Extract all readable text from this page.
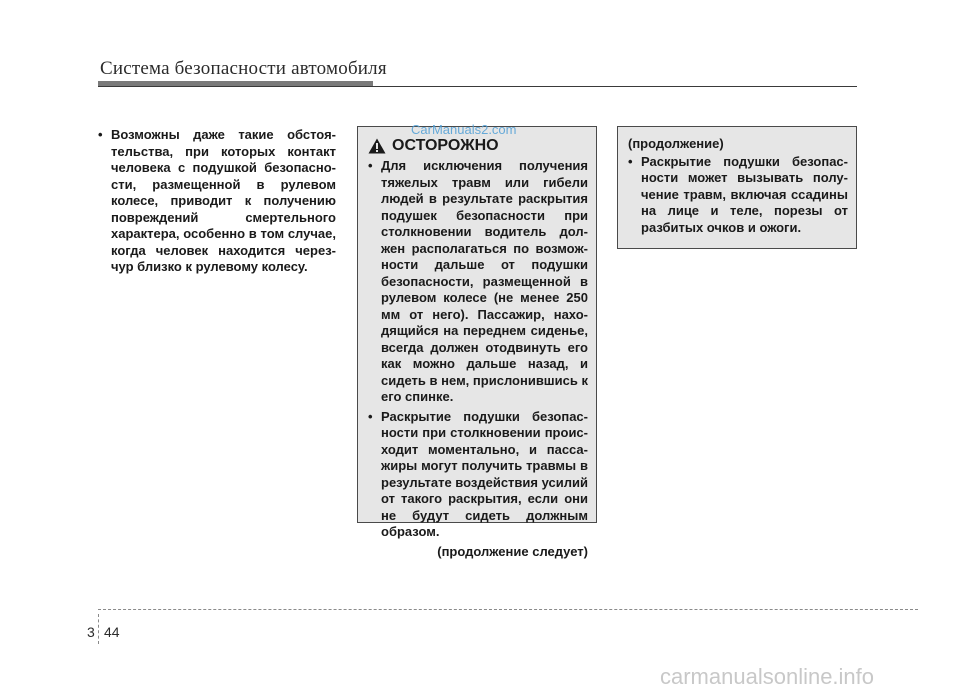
Система безопасности автомобиля
• Возможны даже такие обстоя-тельства, при которых контакт человека с подушкой безопасно-сти, размещенной в рулевом колесе, приводит к получению повреждений смертельного характера, особенно в том случае, когда человек находится через-чур близко к рулевому колесу.
ОСТОРОЖНО
• Для исключения получения тяжелых травм или гибели людей в результате раскрытия подушек безопасности при столкновении водитель дол-жен располагаться по возмож-ности дальше от подушки безопасности, размещенной в рулевом колесе (не менее 250 мм от него). Пассажир, нахо-дящийся на переднем сиденье, всегда должен отодвинуть его как можно дальше назад, и сидеть в нем, прислонившись к его спинке.
• Раскрытие подушки безопас-ности при столкновении проис-ходит моментально, и пасса-жиры могут получить травмы в результате воздействия усилий от такого раскрытия, если они не будут сидеть должным образом.
(продолжение следует)
(продолжение)
• Раскрытие подушки безопас-ности может вызывать полу-чение травм, включая ссадины на лице и теле, порезы от разбитых очков и ожоги.
CarManuals2.com
3 44
carmanualsonline.info
